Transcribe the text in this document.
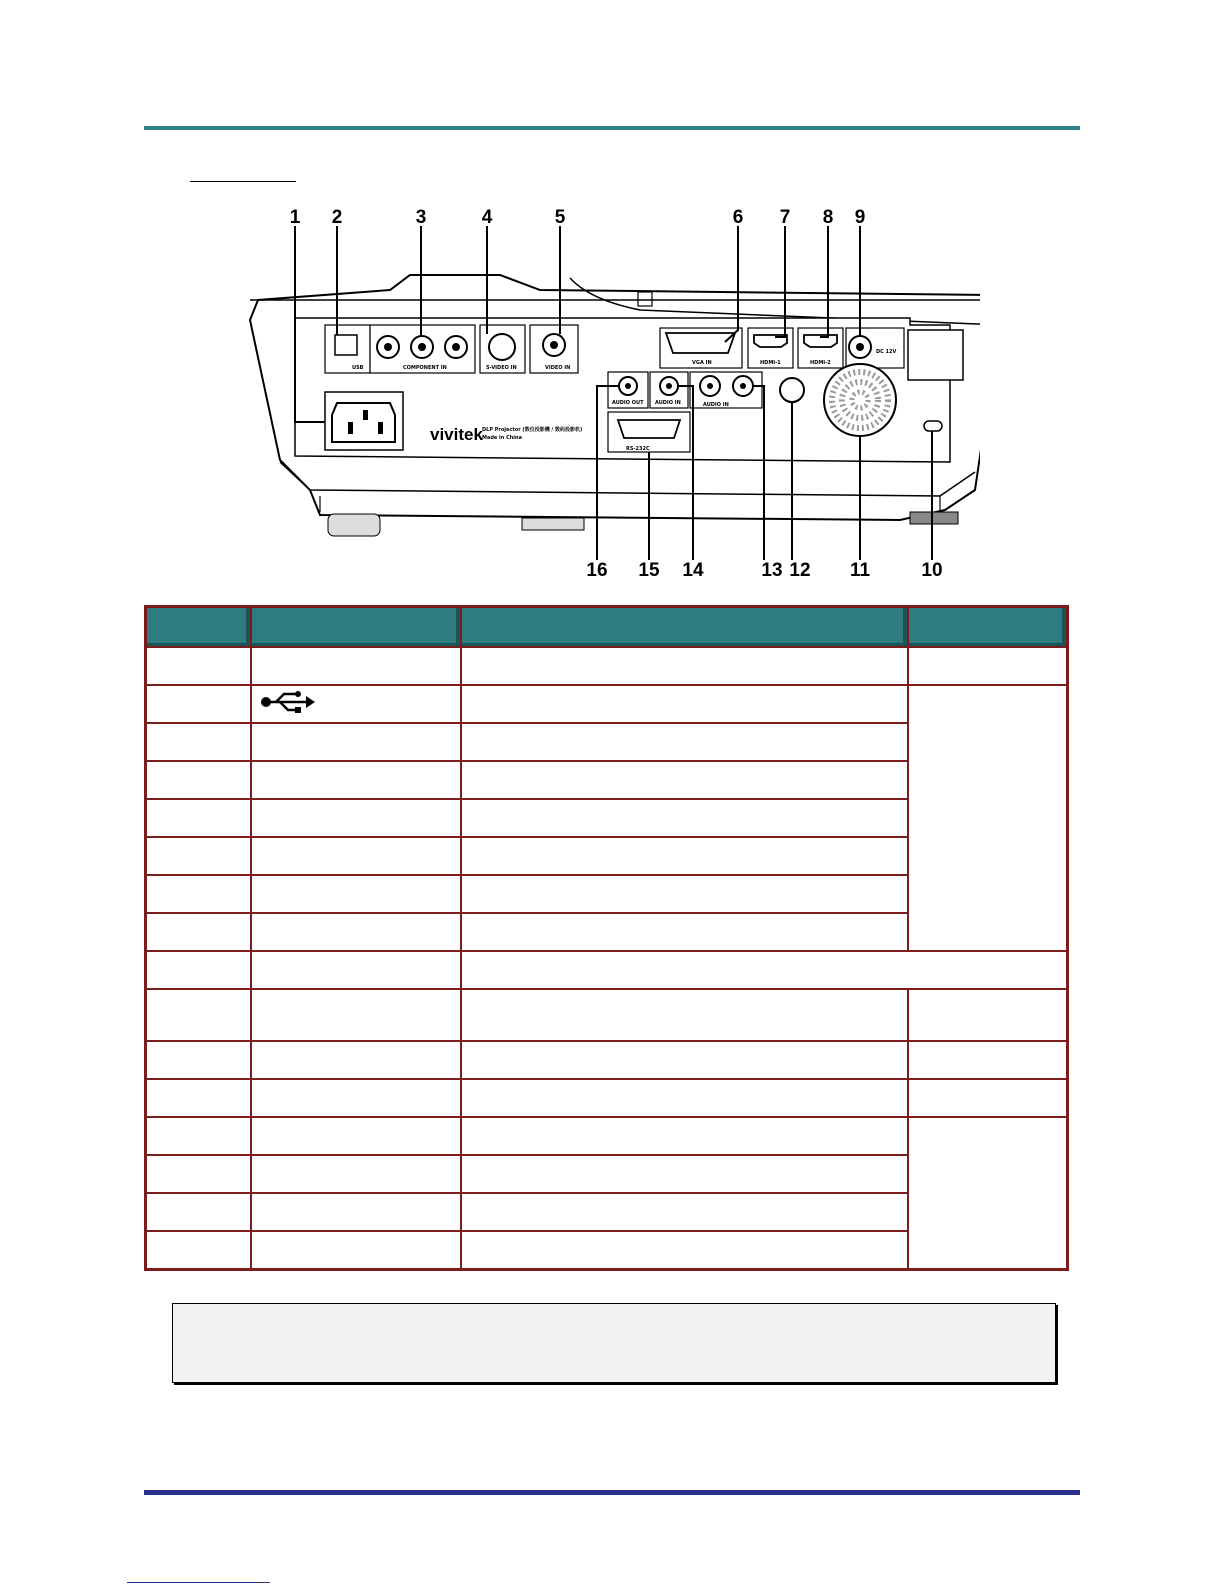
USB	COMPONENT IN	S-VIDEO IN	VIDEO IN
VGA IN	HDMI-1	HDMI-2
DC 12V
AUDIO OUT AUDIO IN	AUDIO IN
RS-232C
DLP Projector (数位投影機 / 数码投影机)
Made in China
vivitek
1 2	3	4	5	6 7 8 9
10
11
12
13
14
15
16
